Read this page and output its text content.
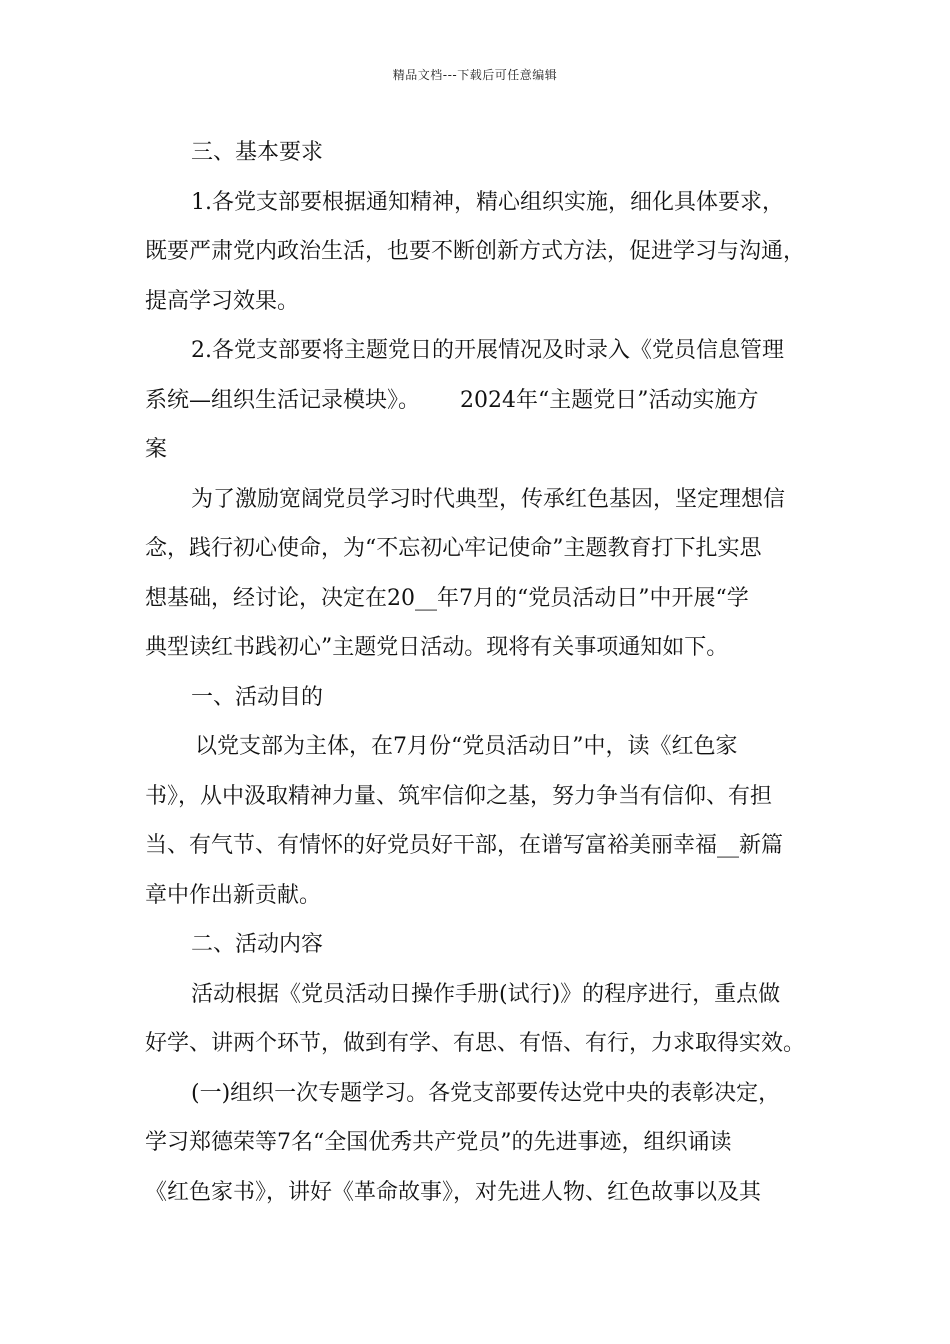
精品文档---下载后可任意编辑
三、基本要求
1.各党支部要根据通知精神，精心组织实施，细化具体要求，
既要严肃党内政治生活，也要不断创新方式方法，促进学习与沟通，
提高学习效果。
2.各党支部要将主题党日的开展情况及时录入《党员信息管理
系统—组织生活记录模块》。　　 2024年“主题党日”活动实施方
案
为了激励宽阔党员学习时代典型，传承红色基因，坚定理想信
念，践行初心使命，为“不忘初心牢记使命”主题教育打下扎实思
想基础，经讨论，决定在20__年7月的“党员活动日”中开展“学
典型读红书践初心”主题党日活动。现将有关事项通知如下。
一、活动目的
以党支部为主体，在7月份“党员活动日”中，读《红色家
书》，从中汲取精神力量、筑牢信仰之基，努力争当有信仰、有担
当、有气节、有情怀的好党员好干部，在谱写富裕美丽幸福__新篇
章中作出新贡献。
二、活动内容
活动根据《党员活动日操作手册(试行)》的程序进行，重点做
好学、讲两个环节，做到有学、有思、有悟、有行，力求取得实效。
(一)组织一次专题学习。各党支部要传达党中央的表彰决定，
学习郑德荣等7名“全国优秀共产党员”的先进事迹，组织诵读
《红色家书》，讲好《革命故事》，对先进人物、红色故事以及其
